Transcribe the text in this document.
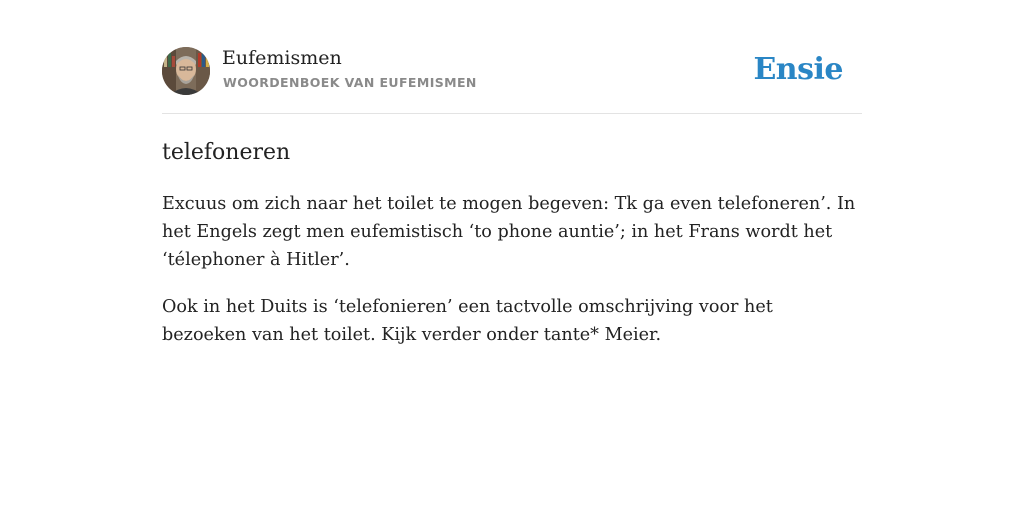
Eufemismen
WOORDENBOEK VAN EUFEMISMEN	Ensie
telefoneren

Excuus om zich naar het toilet te mogen begeven: Tk ga even telefoneren’. In het Engels zegt men eufemistisch ‘to phone auntie’; in het Frans wordt het ‘télephoner à Hitler’.

Ook in het Duits is ‘telefonieren’ een tactvolle omschrijving voor het bezoeken van het toilet. Kijk verder onder tante* Meier.
